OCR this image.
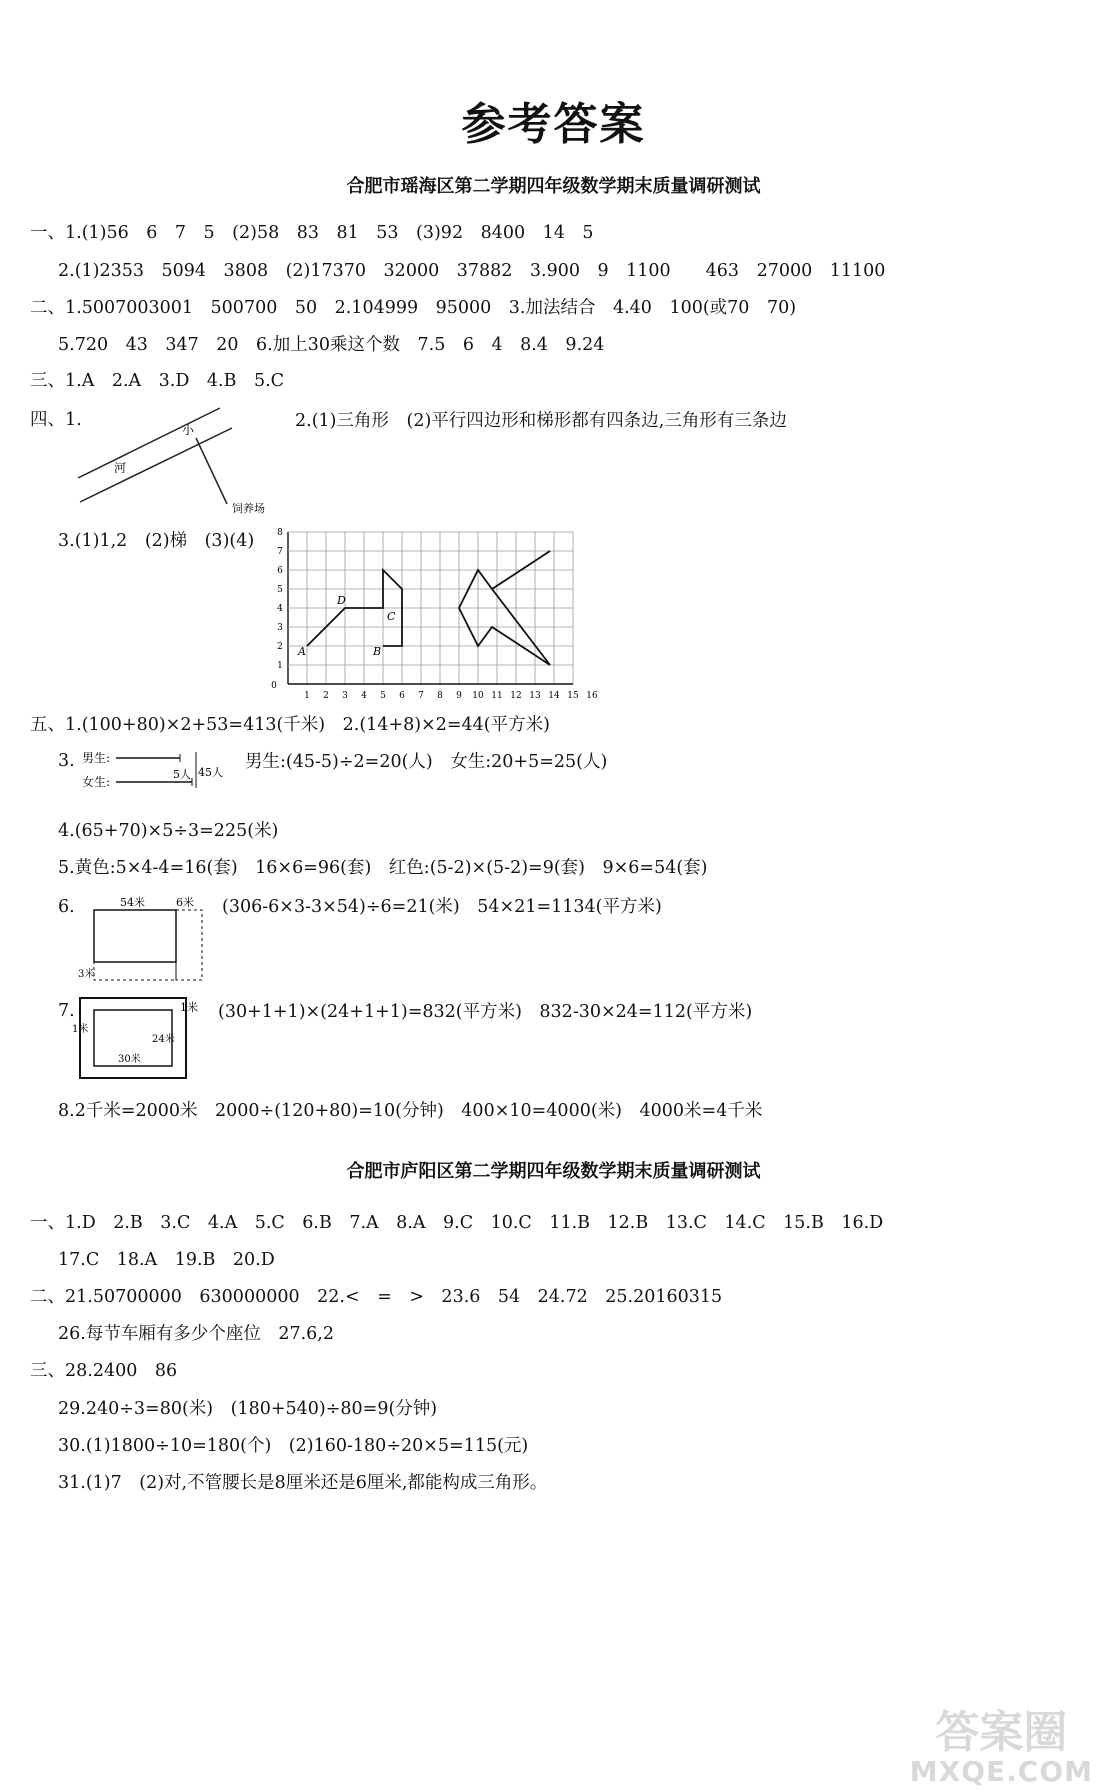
参考答案
合肥市瑶海区第二学期四年级数学期末质量调研测试
一、1.(1)56　6　7　5　(2)58　83　81　53　(3)92　8400　14　5
2.(1)2353　5094　3808　(2)17370　32000　37882　3.900　9　1100　　463　27000　11100
二、1.5007003001　500700　50　2.104999　95000　3.加法结合　4.40　100(或70　70)
5.720　43　347　20　6.加上30乘这个数　7.5　6　4　8.4　9.24
三、1.A　2.A　3.D　4.B　5.C
四、1.	2.(1)三角形　(2)平行四边形和梯形都有四条边,三角形有三条边
河
小
饲养场
3.(1)1,2　(2)梯　(3)(4)
0
1 2 3 4 5 6 7 8 9 10 11 12 13 14 15 16
1
2
3
4
5
6
7
8
A	B
C
D
五、1.(100+80)×2+53=413(千米)　2.(14+8)×2=44(平方米)
3. 男生:
女生:
5人 45人
男生:(45-5)÷2=20(人)　女生:20+5=25(人)
4.(65+70)×5÷3=225(米)
5.黄色:5×4-4=16(套)　16×6=96(套)　红色:(5-2)×(5-2)=9(套)　9×6=54(套)
6.	54米	6米
3米
(306-6×3-3×54)÷6=21(米)　54×21=1134(平方米)
7.	1米
1米
30米
24米
(30+1+1)×(24+1+1)=832(平方米)　832-30×24=112(平方米)
8.2千米=2000米　2000÷(120+80)=10(分钟)　400×10=4000(米)　4000米=4千米
合肥市庐阳区第二学期四年级数学期末质量调研测试
一、1.D　2.B　3.C　4.A　5.C　6.B　7.A　8.A　9.C　10.C　11.B　12.B　13.C　14.C　15.B　16.D
17.C　18.A　19.B　20.D
二、21.50700000　630000000　22.<　=　>　23.6　54　24.72　25.20160315
26.每节车厢有多少个座位　27.6,2
三、28.2400　86
29.240÷3=80(米)　(180+540)÷80=9(分钟)
30.(1)1800÷10=180(个)　(2)160-180÷20×5=115(元)
31.(1)7　(2)对,不管腰长是8厘米还是6厘米,都能构成三角形。
答案圈
MXQE.COM
